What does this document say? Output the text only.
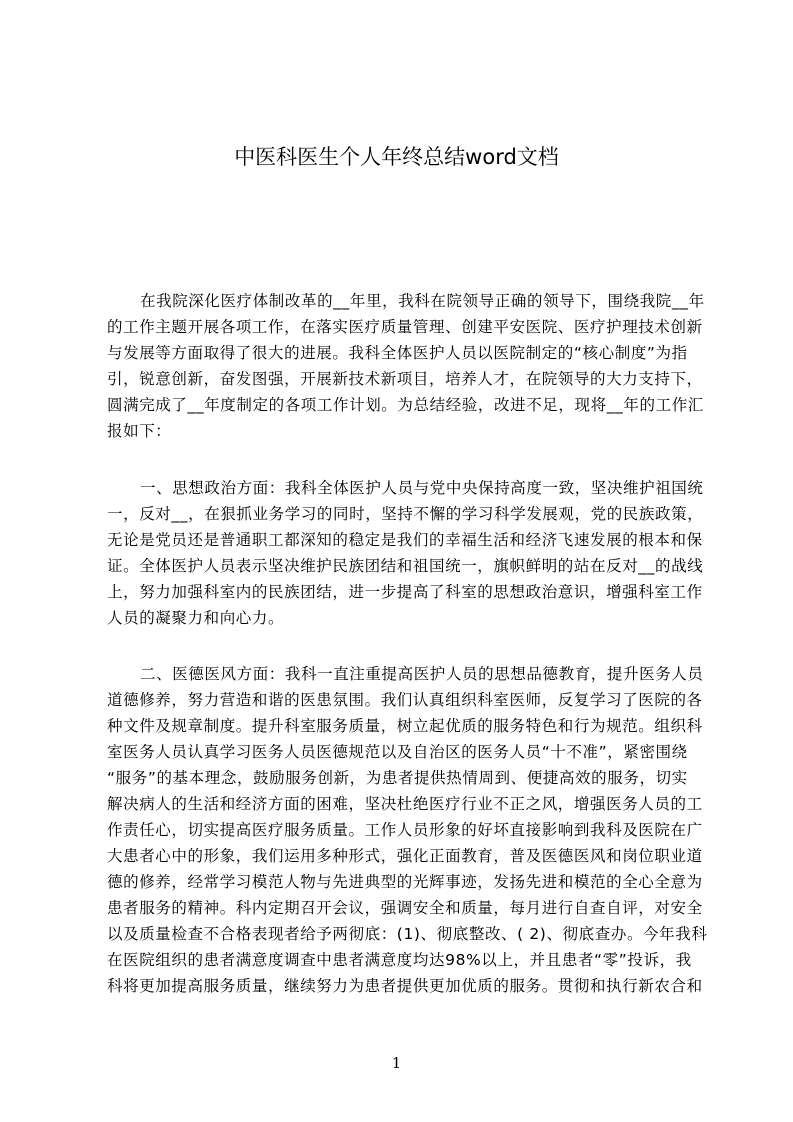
中医科医生个人年终总结word文档
在我院深化医疗体制改革的__年里，我科在院领导正确的领导下，围绕我院__年
的工作主题开展各项工作，在落实医疗质量管理、创建平安医院、医疗护理技术创新
与发展等方面取得了很大的进展。我科全体医护人员以医院制定的“核心制度”为指
引，锐意创新，奋发图强，开展新技术新项目，培养人才，在院领导的大力支持下，
圆满完成了__年度制定的各项工作计划。为总结经验，改进不足，现将__年的工作汇
报如下：
一、思想政治方面：我科全体医护人员与党中央保持高度一致，坚决维护祖国统
一，反对__，在狠抓业务学习的同时，坚持不懈的学习科学发展观，党的民族政策，
无论是党员还是普通职工都深知的稳定是我们的幸福生活和经济飞速发展的根本和保
证。全体医护人员表示坚决维护民族团结和祖国统一，旗帜鲜明的站在反对__的战线
上，努力加强科室内的民族团结，进一步提高了科室的思想政治意识，增强科室工作
人员的凝聚力和向心力。
二、医德医风方面：我科一直注重提高医护人员的思想品德教育，提升医务人员
道德修养，努力营造和谐的医患氛围。我们认真组织科室医师，反复学习了医院的各
种文件及规章制度。提升科室服务质量，树立起优质的服务特色和行为规范。组织科
室医务人员认真学习医务人员医德规范以及自治区的医务人员“十不准”，紧密围绕
“服务”的基本理念，鼓励服务创新，为患者提供热情周到、便捷高效的服务，切实
解决病人的生活和经济方面的困难，坚决杜绝医疗行业不正之风，增强医务人员的工
作责任心，切实提高医疗服务质量。工作人员形象的好坏直接影响到我科及医院在广
大患者心中的形象，我们运用多种形式，强化正面教育，普及医德医风和岗位职业道
德的修养，经常学习模范人物与先进典型的光辉事迹，发扬先进和模范的全心全意为
患者服务的精神。科内定期召开会议，强调安全和质量，每月进行自查自评，对安全
以及质量检查不合格表现者给予两彻底：(1)、彻底整改、( 2)、彻底查办。今年我科
在医院组织的患者满意度调查中患者满意度均达98%以上，并且患者“零”投诉，我
科将更加提高服务质量，继续努力为患者提供更加优质的服务。贯彻和执行新农合和
1
